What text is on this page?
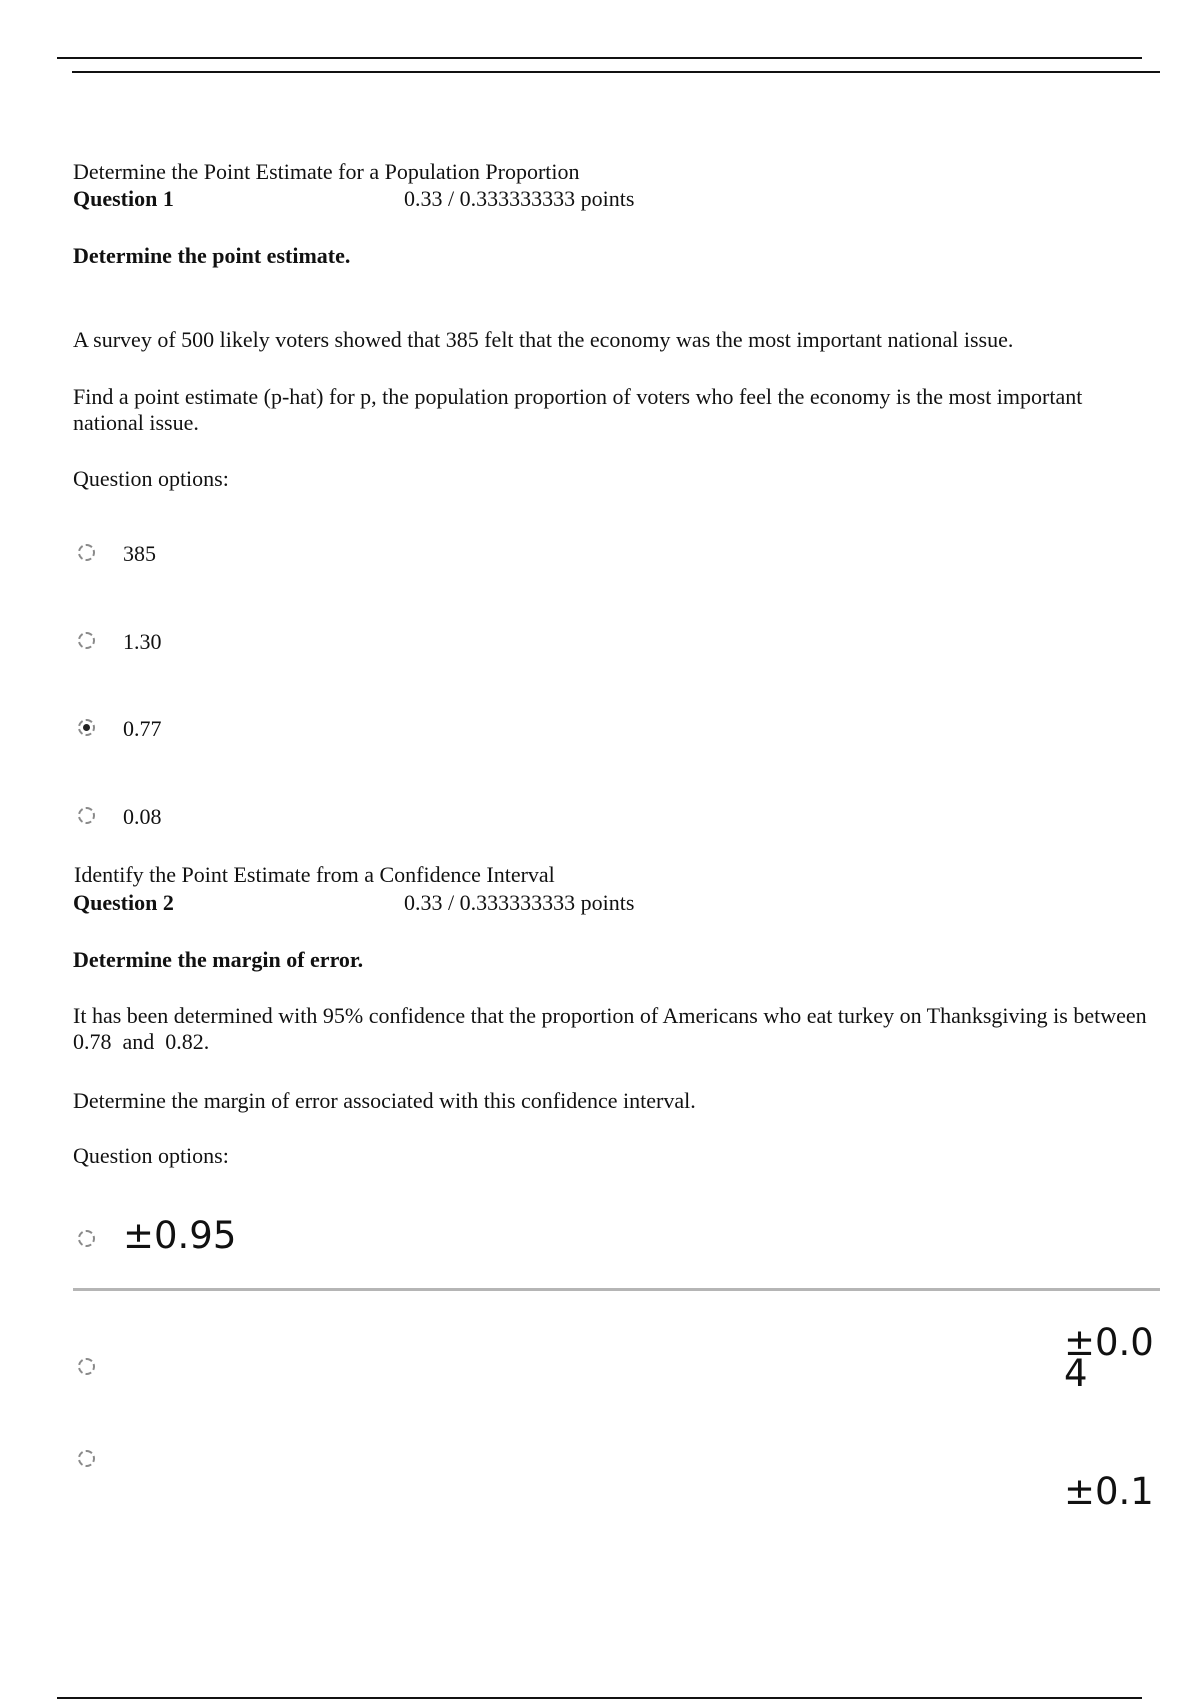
Determine the Point Estimate for a Population Proportion
Question 1	0.33 / 0.333333333 points
Determine the point estimate.
A survey of 500 likely voters showed that 385 felt that the economy was the most important national issue.
Find a point estimate (p-hat) for p, the population proportion of voters who feel the economy is the most important national issue.
Question options:
385
1.30
0.77
0.08
Identify the Point Estimate from a Confidence Interval
Question 2	0.33 / 0.333333333 points
Determine the margin of error.
It has been determined with 95% confidence that the proportion of Americans who eat turkey on Thanksgiving is between  0.78  and  0.82.
Determine the margin of error associated with this confidence interval.
Question options:
±0.95
±0.04
±0.1
